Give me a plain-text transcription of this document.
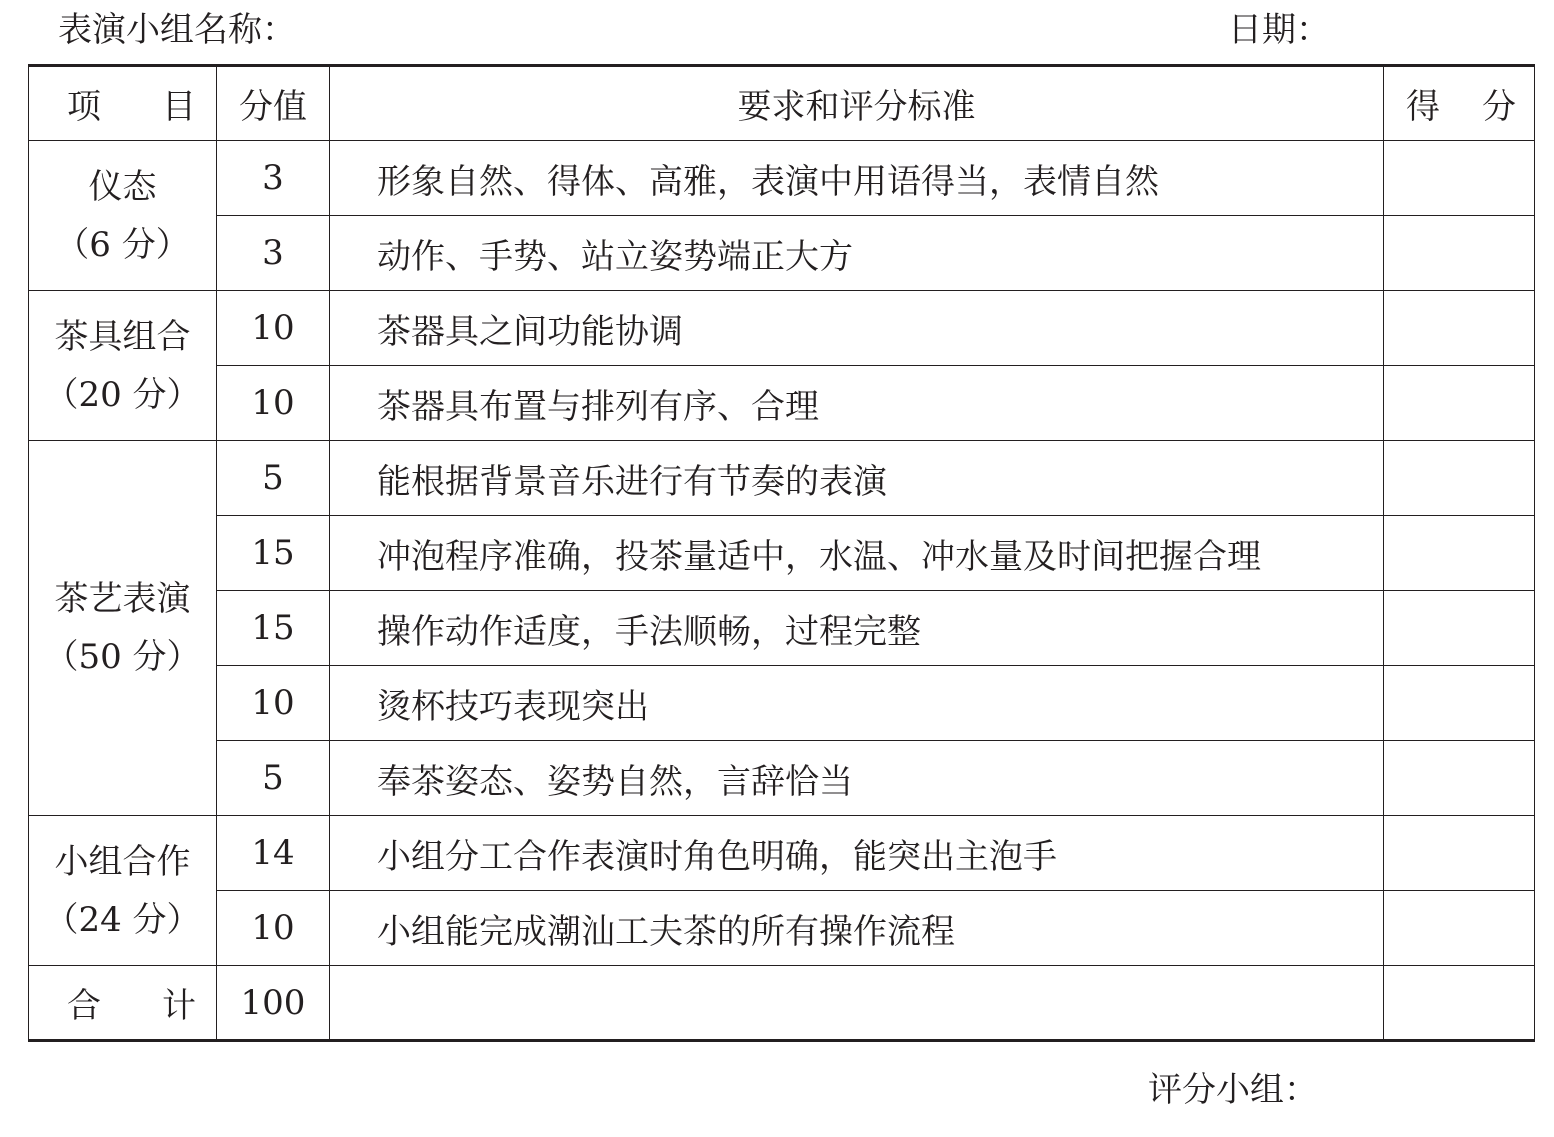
表演小组名称：	日期：
项 目	分值	要求和评分标准	得 分

仪态
（6 分）	3	形象自然、得体、高雅，表演中用语得当，表情自然	
	3	动作、手势、站立姿势端正大方	

茶具组合
（20 分）	10	茶器具之间功能协调	
	10	茶器具布置与排列有序、合理	

茶艺表演
（50 分）	5	能根据背景音乐进行有节奏的表演	
	15	冲泡程序准确，投茶量适中，水温、冲水量及时间把握合理	
	15	操作动作适度，手法顺畅，过程完整	
	10	烫杯技巧表现突出	
	5	奉茶姿态、姿势自然，言辞恰当	

小组合作
（24 分）	14	小组分工合作表演时角色明确，能突出主泡手	
	10	小组能完成潮汕工夫茶的所有操作流程	

合 计	100		
评分小组：
